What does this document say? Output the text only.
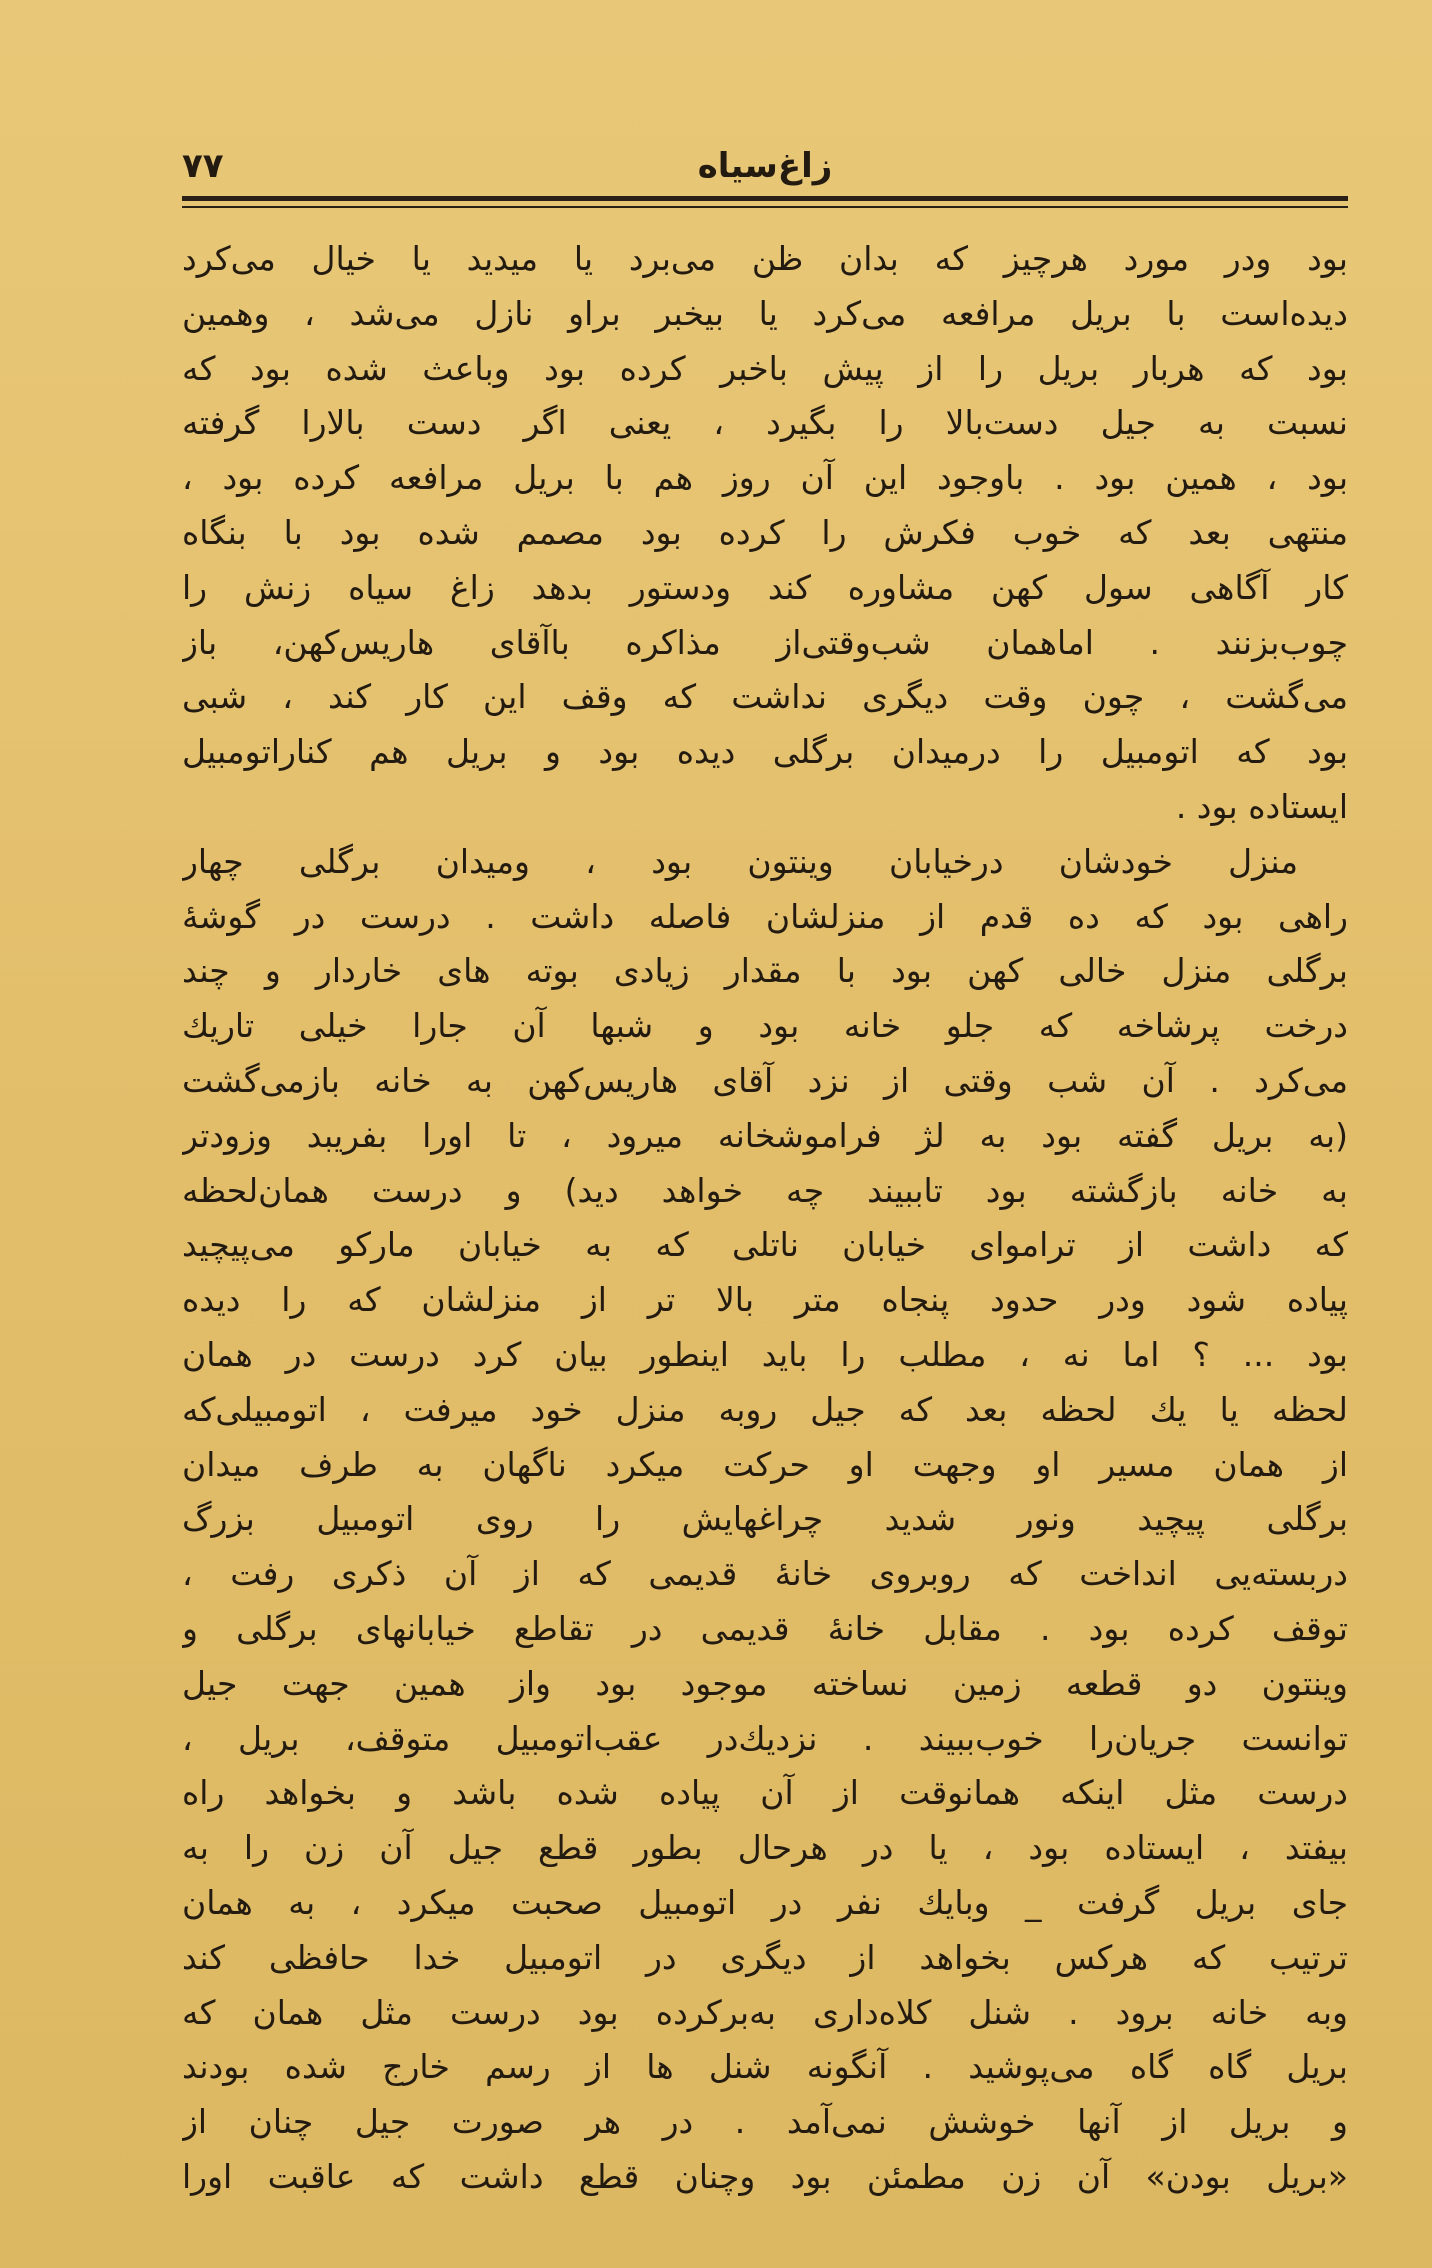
زاغ‌سیاه
۷۷
بود ودر مورد هرچیز که بدان ظن می‌برد یا میدید یا خیال می‌کرد
دیده‌است با بریل مرافعه می‌کرد یا بیخبر بر‌او نازل می‌شد ، وهمین
بود که هربار بریل را از پیش باخبر کرده بود وباعث شده بود که
نسبت به جیل دست‌بالا را بگیرد ، یعنی اگر دست بالارا گرفته
بود ، همین بود . باوجود این آن روز هم با بریل مرافعه کرده بود ،
منتهی بعد که خوب فکرش را کرده بود مصمم شده بود با بنگاه
کار آگاهی سول کهن مشاوره کند ودستور بدهد زاغ سیاه زنش را
چوب‌بزنند . اماهمان شب‌وقتی‌از مذاکره باآقای هاریس‌کهن، باز
می‌گشت ، چون وقت دیگری نداشت که وقف این کار کند ، شبی
بود که اتومبیل را درمیدان برگلی دیده بود و بریل هم کنار‌اتومبیل
ایستاده بود .
منزل خودشان درخیابان وینتون بود ، ومیدان برگلی چهار
راهی بود که ده قدم از منزلشان فاصله داشت . درست در گوشهٔ
برگلی منزل خالی کهن بود با مقدار زیادی بوته های خاردار و چند
درخت پرشاخه که جلو خانه بود و شبها آن جارا خیلی تاریك
می‌کرد . آن شب وقتی از نزد آقای هاریس‌کهن به خانه بازمی‌گشت
(به بریل گفته بود به لژ فراموشخانه میرود ، تا اورا بفریبد وزودتر
به خانه بازگشته بود تاببیند چه خواهد دید) و درست همان‌لحظه
که داشت از تراموای خیابان ناتلی که به خیابان مارکو می‌پیچید
پیاده شود ودر حدود پنجاه متر بالا تر از منزلشان که را دیده
بود ... ؟ اما نه ، مطلب را باید اینطور بیان کرد درست در همان
لحظه یا یك لحظه بعد که جیل روبه منزل خود میرفت ، اتومبیلی‌که
از همان مسیر او وجهت او حرکت میکرد ناگهان به طرف میدان
برگلی پیچید ونور شدید چراغهایش را روی اتومبیل بزرگ
دربسته‌یی انداخت که روبروی خانهٔ قدیمی که از آن ذکری رفت ،
توقف کرده بود . مقابل خانهٔ قدیمی در تقاطع خیابانهای برگلی و
وینتون دو قطعه زمین نساخته موجود بود واز همین جهت جیل
توانست جریان‌را خوب‌ببیند . نزدیك‌در عقب‌اتومبیل متوقف، بریل ،
درست مثل اینکه همانوقت از آن پیاده شده باشد و بخواهد راه
بیفتد ، ایستاده بود ، یا در هرحال بطور قطع جیل آن زن را به
جای بریل گرفت _ وبایك نفر در اتومبیل صحبت میکرد ، به همان
ترتیب که هرکس بخواهد از دیگری در اتومبیل خدا حافظی کند
وبه خانه برود . شنل کلاه‌داری به‌برکرده بود درست مثل همان که
بریل گاه گاه می‌پوشید . آنگونه شنل ها از رسم خارج شده بودند
و بریل از آنها خوشش نمی‌آمد . در هر صورت جیل چنان از
«بریل بودن» آن زن مطمئن بود وچنان قطع داشت که عاقبت اورا
